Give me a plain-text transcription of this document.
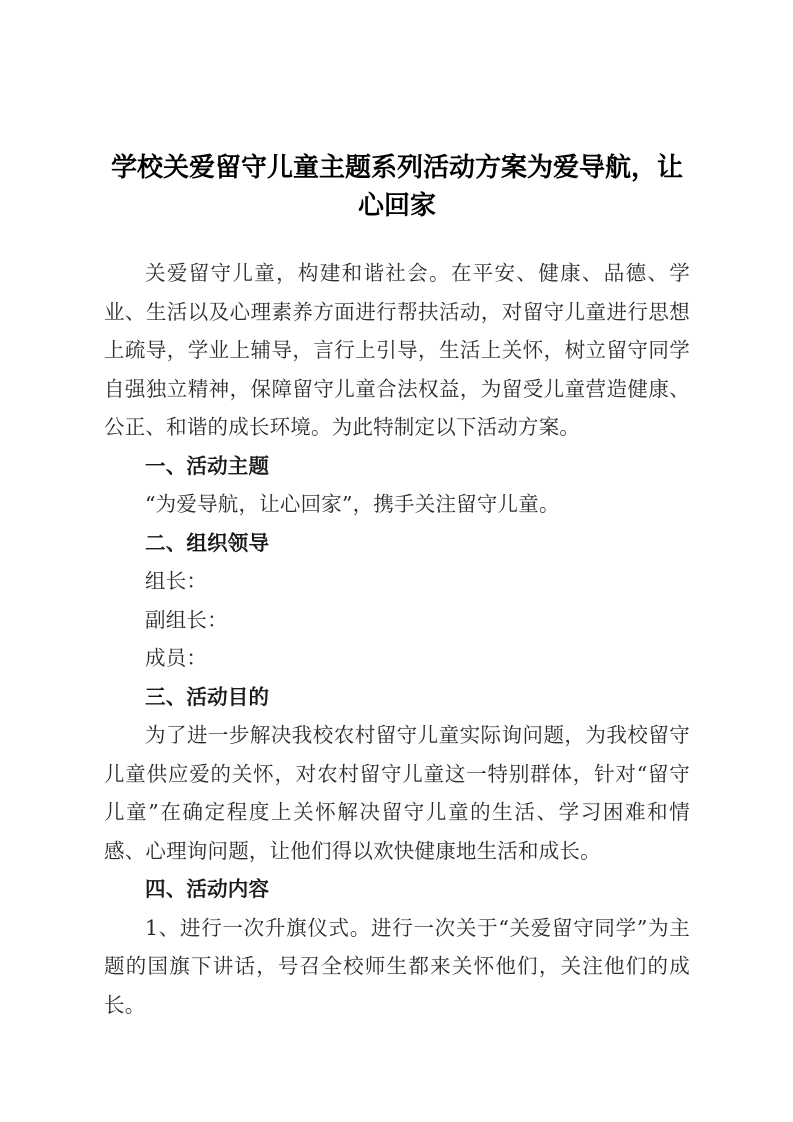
学校关爱留守儿童主题系列活动方案为爱导航，让心回家

关爱留守儿童，构建和谐社会。在平安、健康、品德、学业、生活以及心理素养方面进行帮扶活动，对留守儿童进行思想上疏导，学业上辅导，言行上引导，生活上关怀，树立留守同学自强独立精神，保障留守儿童合法权益，为留受儿童营造健康、公正、和谐的成长环境。为此特制定以下活动方案。

一、活动主题

“为爱导航，让心回家”，携手关注留守儿童。

二、组织领导

组长：

副组长：

成员：

三、活动目的

为了进一步解决我校农村留守儿童实际询问题，为我校留守儿童供应爱的关怀，对农村留守儿童这一特别群体，针对“留守儿童”在确定程度上关怀解决留守儿童的生活、学习困难和情感、心理询问题，让他们得以欢快健康地生活和成长。

四、活动内容

1、进行一次升旗仪式。进行一次关于“关爱留守同学”为主题的国旗下讲话，号召全校师生都来关怀他们，关注他们的成长。
